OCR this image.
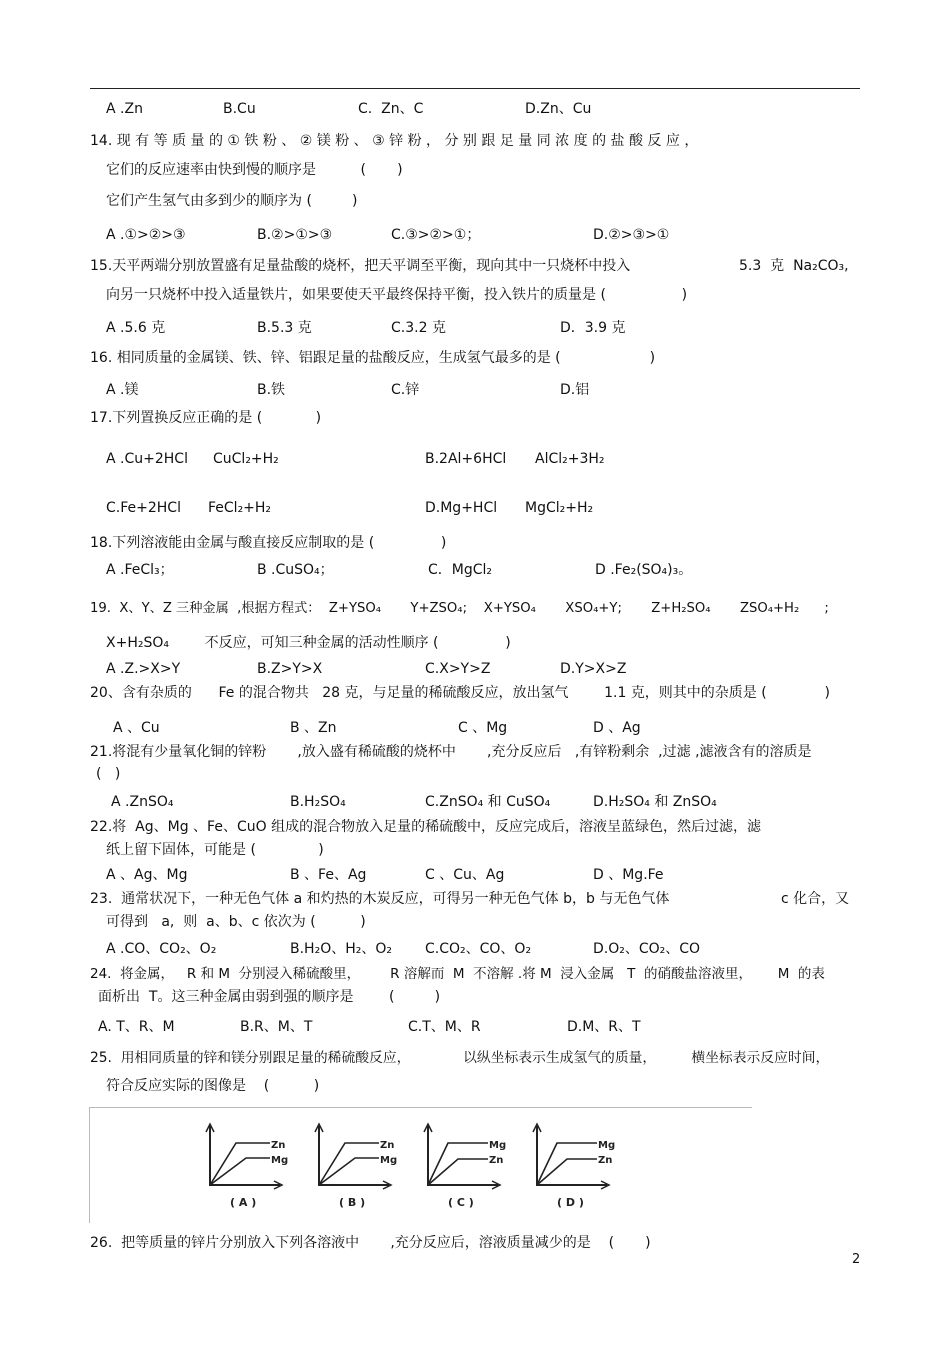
A .Zn	B.Cu	C.  Zn、C	D.Zn、Cu
14. 现 有 等 质 量 的 ① 铁 粉 、 ② 镁 粉 、 ③ 锌 粉 ， 分 别 跟 足 量 同 浓 度 的 盐 酸 反 应 ，
它们的反应速率由快到慢的顺序是          (       )
它们产生氢气由多到少的顺序为 (         )
A .①>②>③	B.②>①>③	C.③>②>①；	D.②>③>①
15.天平两端分别放置盛有足量盐酸的烧杯，把天平调至平衡，现向其中一只烧杯中投入	5.3  克  Na₂CO₃,
向另一只烧杯中投入适量铁片，如果要使天平最终保持平衡，投入铁片的质量是 (                 )
A .5.6 克	B.5.3 克	C.3.2 克	D．3.9 克
16. 相同质量的金属镁、铁、锌、铝跟足量的盐酸反应，生成氢气最多的是 (                    )
A .镁	B.铁	C.锌	D.铝
17.下列置换反应正确的是 (            )
A .Cu+2HCl CuCl₂+H₂	B.2Al+6HCl AlCl₂+3H₂
C.Fe+2HCl FeCl₂+H₂	D.Mg+HCl MgCl₂+H₂
18.下列溶液能由金属与酸直接反应制取的是 (               )
A .FeCl₃；	B .CuSO₄；	C．MgCl₂	D .Fe₂(SO₄)₃。
19.  X、Y、Z 三种金属  ,根据方程式：  Z+YSO₄       Y+ZSO₄;    X+YSO₄       XSO₄+Y;       Z+H₂SO₄       ZSO₄+H₂      ;
X+H₂SO₄        不反应，可知三种金属的活动性顺序 (               )
A .Z.>X>Y	B.Z>Y>X	C.X>Y>Z	D.Y>X>Z
20、含有杂质的      Fe 的混合物共   28 克，与足量的稀硫酸反应，放出氢气        1.1 克，则其中的杂质是 (             )
A 、Cu	B 、Zn	C 、Mg	D 、Ag
21.将混有少量氧化铜的锌粉       ,放入盛有稀硫酸的烧杯中       ,充分反应后   ,有锌粉剩余  ,过滤 ,滤液含有的溶质是
(   )
A .ZnSO₄	B.H₂SO₄	C.ZnSO₄ 和 CuSO₄	D.H₂SO₄ 和 ZnSO₄
22.将  Ag、Mg 、Fe、CuO 组成的混合物放入足量的稀硫酸中，反应完成后，溶液呈蓝绿色，然后过滤，滤
纸上留下固体，可能是 (              )
A 、Ag、Mg	B 、Fe、Ag	C 、Cu、Ag	D 、Mg.Fe
23.  通常状况下，一种无色气体 a 和灼热的木炭反应，可得另一种无色气体 b，b 与无色气体	c 化合，又
可得到   a,  则  a、b、c 依次为 (          )
A .CO、CO₂、O₂	B.H₂O、H₂、O₂ C.CO₂、CO、O₂	D.O₂、CO₂、CO
24.  将金属，   R 和 M  分别浸入稀硫酸里，       R 溶解而  M  不溶解 .将 M  浸入金属   T  的硝酸盐溶液里，      M  的表
面析出  T。这三种金属由弱到强的顺序是        (         )
A. T、R、M	B.R、M、T	C.T、M、R	D.M、R、T
25.  用相同质量的锌和镁分别跟足量的稀硫酸反应，            以纵坐标表示生成氢气的质量，        横坐标表示反应时间，
符合反应实际的图像是    (          )
Zn
Mg
( A )
Zn
Mg
( B )
Mg
Zn
( C )
Mg
Zn
( D )
26.  把等质量的锌片分别放入下列各溶液中       ,充分反应后，溶液质量减少的是    (       )
2
